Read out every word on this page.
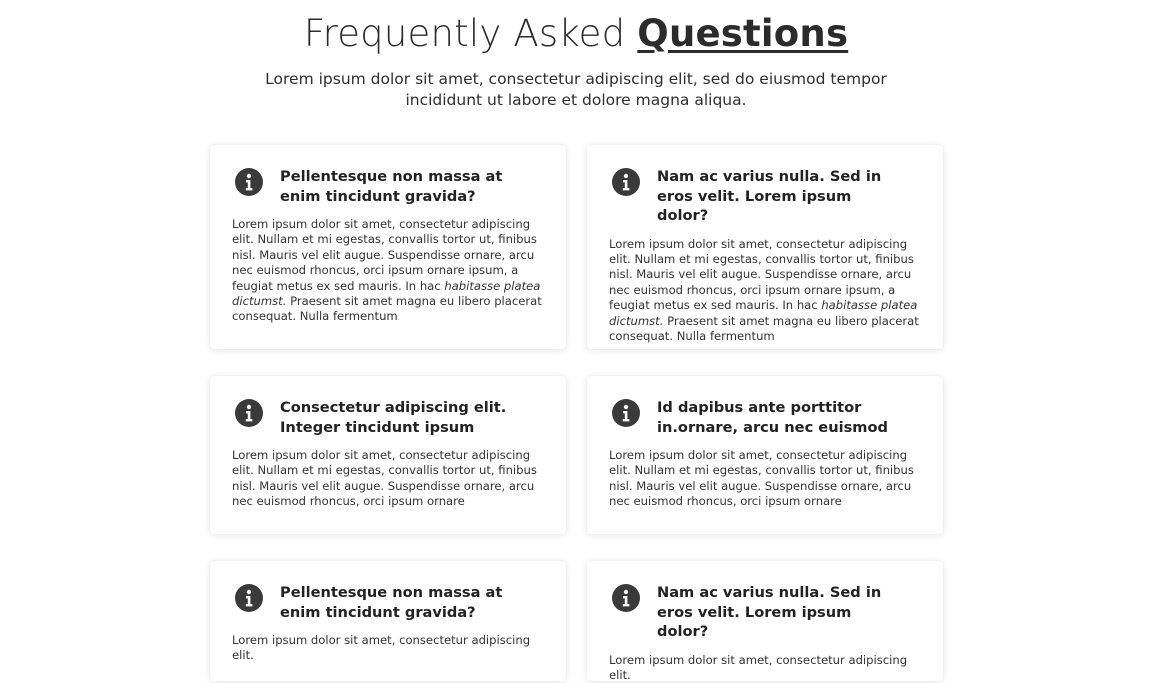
Frequently Asked Questions

Lorem ipsum dolor sit amet, consectetur adipiscing elit, sed do eiusmod tempor incididunt ut labore et dolore magna aliqua.

Pellentesque non massa at enim tincidunt gravida?

Lorem ipsum dolor sit amet, consectetur adipiscing elit. Nullam et mi egestas, convallis tortor ut, finibus nisl. Mauris vel elit augue. Suspendisse ornare, arcu nec euismod rhoncus, orci ipsum ornare ipsum, a feugiat metus ex sed mauris. In hac habitasse platea dictumst. Praesent sit amet magna eu libero placerat consequat. Nulla fermentum

Nam ac varius nulla. Sed in eros velit. Lorem ipsum dolor?

Lorem ipsum dolor sit amet, consectetur adipiscing elit. Nullam et mi egestas, convallis tortor ut, finibus nisl. Mauris vel elit augue. Suspendisse ornare, arcu nec euismod rhoncus, orci ipsum ornare ipsum, a feugiat metus ex sed mauris. In hac habitasse platea dictumst. Praesent sit amet magna eu libero placerat consequat. Nulla fermentum

Consectetur adipiscing elit. Integer tincidunt ipsum

Lorem ipsum dolor sit amet, consectetur adipiscing elit. Nullam et mi egestas, convallis tortor ut, finibus nisl. Mauris vel elit augue. Suspendisse ornare, arcu nec euismod rhoncus, orci ipsum ornare

Id dapibus ante porttitor in.ornare, arcu nec euismod

Lorem ipsum dolor sit amet, consectetur adipiscing elit. Nullam et mi egestas, convallis tortor ut, finibus nisl. Mauris vel elit augue. Suspendisse ornare, arcu nec euismod rhoncus, orci ipsum ornare

Pellentesque non massa at enim tincidunt gravida?

Lorem ipsum dolor sit amet, consectetur adipiscing elit.

Nam ac varius nulla. Sed in eros velit. Lorem ipsum dolor?

Lorem ipsum dolor sit amet, consectetur adipiscing elit.
